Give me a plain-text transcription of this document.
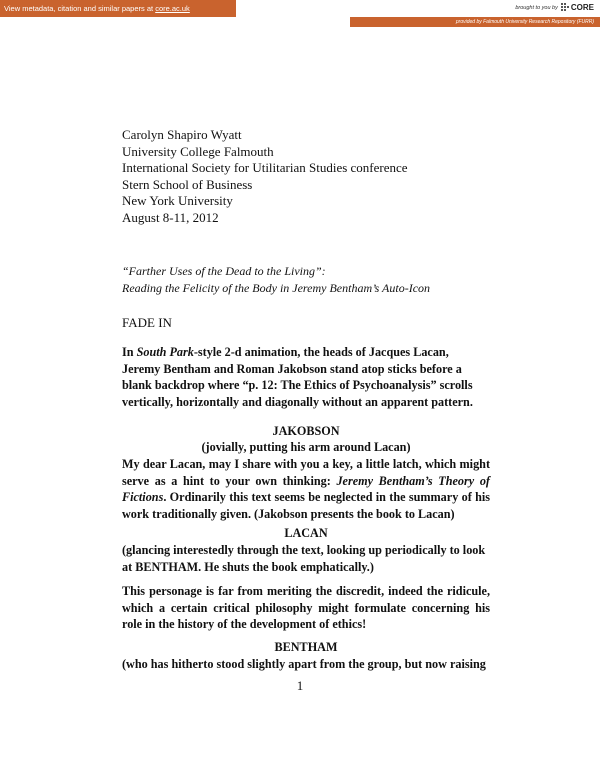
View metadata, citation and similar papers at core.ac.uk	brought to you by CORE
provided by Falmouth University Research Repository (FURR)
Carolyn Shapiro Wyatt
University College Falmouth
International Society for Utilitarian Studies conference
Stern School of Business
New York University
August 8-11, 2012
“Farther Uses of the Dead to the Living”:
Reading the Felicity of the Body in Jeremy Bentham’s Auto-Icon
FADE IN
In South Park-style 2-d animation, the heads of Jacques Lacan, Jeremy Bentham and Roman Jakobson stand atop sticks before a blank backdrop where “p. 12: The Ethics of Psychoanalysis” scrolls vertically, horizontally and diagonally without an apparent pattern.
JAKOBSON
(jovially, putting his arm around Lacan)
My dear Lacan, may I share with you a key, a little latch, which might serve as a hint to your own thinking: Jeremy Bentham’s Theory of Fictions. Ordinarily this text seems be neglected in the summary of his work traditionally given. (Jakobson presents the book to Lacan)
LACAN
(glancing interestedly through the text, looking up periodically to look at BENTHAM. He shuts the book emphatically.)
This personage is far from meriting the discredit, indeed the ridicule, which a certain critical philosophy might formulate concerning his role in the history of the development of ethics!
BENTHAM
(who has hitherto stood slightly apart from the group, but now raising
1
